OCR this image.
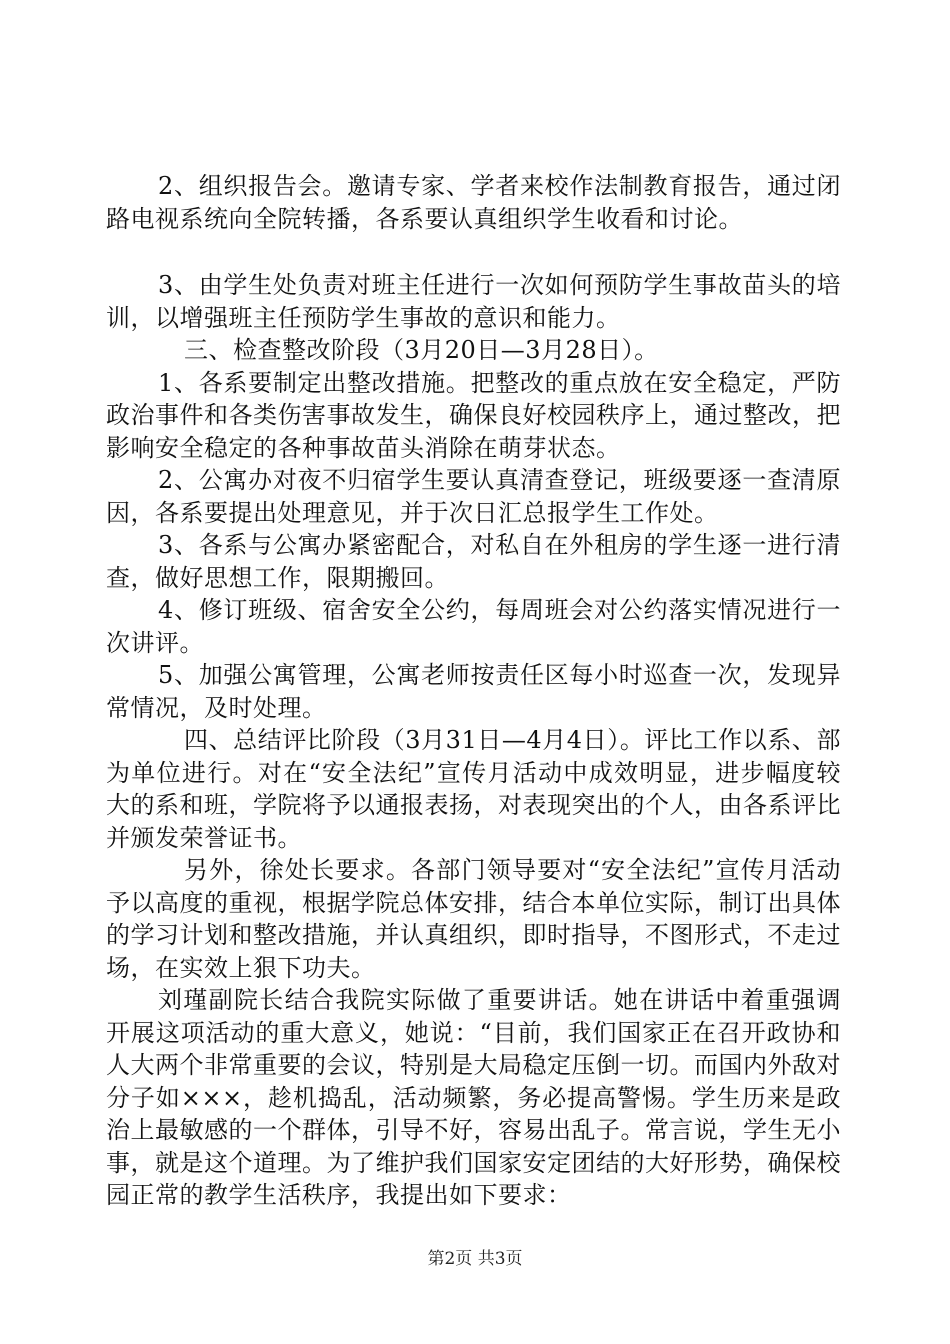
2、组织报告会。邀请专家、学者来校作法制教育报告，通过闭路电视系统向全院转播，各系要认真组织学生收看和讨论。

3、由学生处负责对班主任进行一次如何预防学生事故苗头的培训，以增强班主任预防学生事故的意识和能力。

三、检查整改阶段（3月20日—3月28日）。

1、各系要制定出整改措施。把整改的重点放在安全稳定，严防政治事件和各类伤害事故发生，确保良好校园秩序上，通过整改，把影响安全稳定的各种事故苗头消除在萌芽状态。

2、公寓办对夜不归宿学生要认真清查登记，班级要逐一查清原因，各系要提出处理意见，并于次日汇总报学生工作处。

3、各系与公寓办紧密配合，对私自在外租房的学生逐一进行清查，做好思想工作，限期搬回。

4、修订班级、宿舍安全公约，每周班会对公约落实情况进行一次讲评。

5、加强公寓管理，公寓老师按责任区每小时巡查一次，发现异常情况，及时处理。

四、总结评比阶段（3月31日—4月4日）。评比工作以系、部为单位进行。对在“安全法纪”宣传月活动中成效明显，进步幅度较大的系和班，学院将予以通报表扬，对表现突出的个人，由各系评比并颁发荣誉证书。

另外，徐处长要求。各部门领导要对“安全法纪”宣传月活动予以高度的重视，根据学院总体安排，结合本单位实际，制订出具体的学习计划和整改措施，并认真组织，即时指导，不图形式，不走过场，在实效上狠下功夫。

刘瑾副院长结合我院实际做了重要讲话。她在讲话中着重强调开展这项活动的重大意义，她说：“目前，我们国家正在召开政协和人大两个非常重要的会议，特别是大局稳定压倒一切。而国内外敌对分子如×××，趁机捣乱，活动频繁，务必提高警惕。学生历来是政治上最敏感的一个群体，引导不好，容易出乱子。常言说，学生无小事，就是这个道理。为了维护我们国家安定团结的大好形势，确保校园正常的教学生活秩序，我提出如下要求：

第2页 共3页
